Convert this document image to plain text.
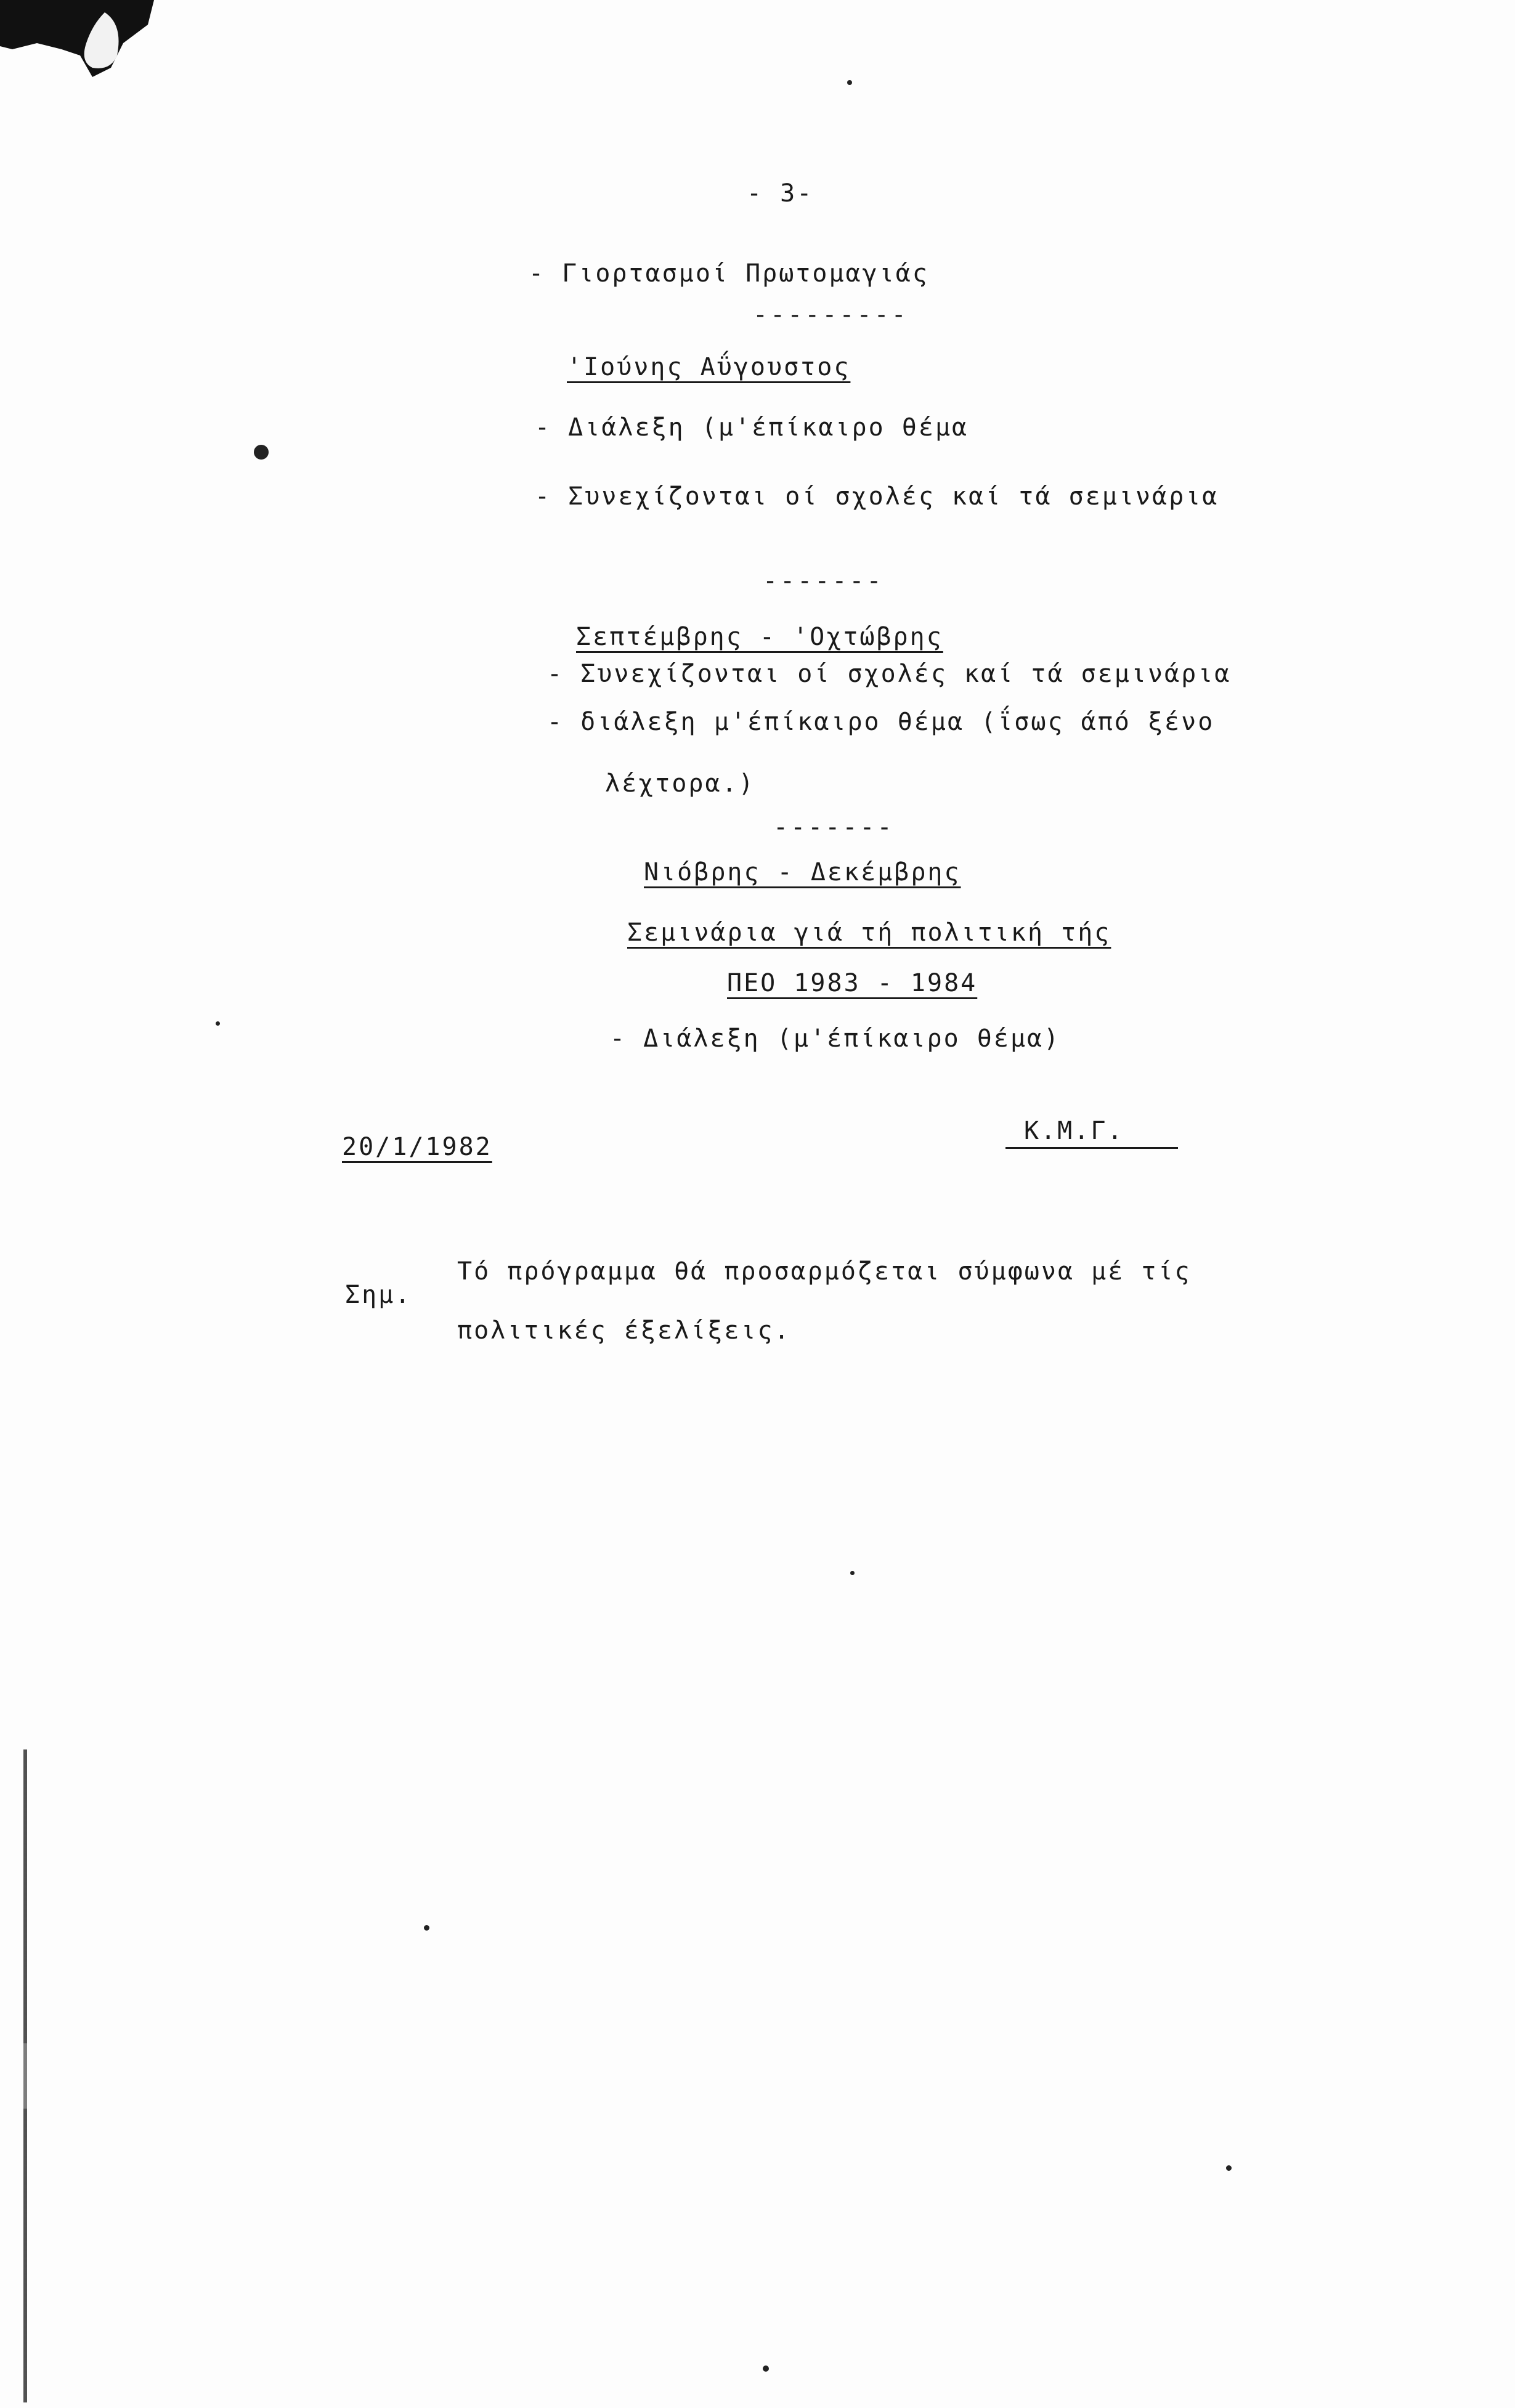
- 3-
- Γιορτασμοί Πρωτομαγιάς
---------
'Ιούνης Αΰγουστος
- Διάλεξη (μ'έπίκαιρο θέμα
- Συνεχίζονται οί σχολές καί τά σεμινάρια
-------
Σεπτέμβρης - 'Οχτώβρης
- Συνεχίζονται οί σχολές καί τά σεμινάρια
- διάλεξη μ'έπίκαιρο θέμα (ΐσως άπό ξένο
λέχτορα.)
-------
Νιόβρης - Δεκέμβρης
Σεμινάρια γιά τή πολιτική τής
ΠΕΟ 1983 - 1984
- Διάλεξη (μ'έπίκαιρο θέμα)
20/1/1982
Κ.Μ.Γ.
Σημ.
Τό πρόγραμμα θά προσαρμόζεται σύμφωνα μέ τίς
πολιτικές έξελίξεις.
